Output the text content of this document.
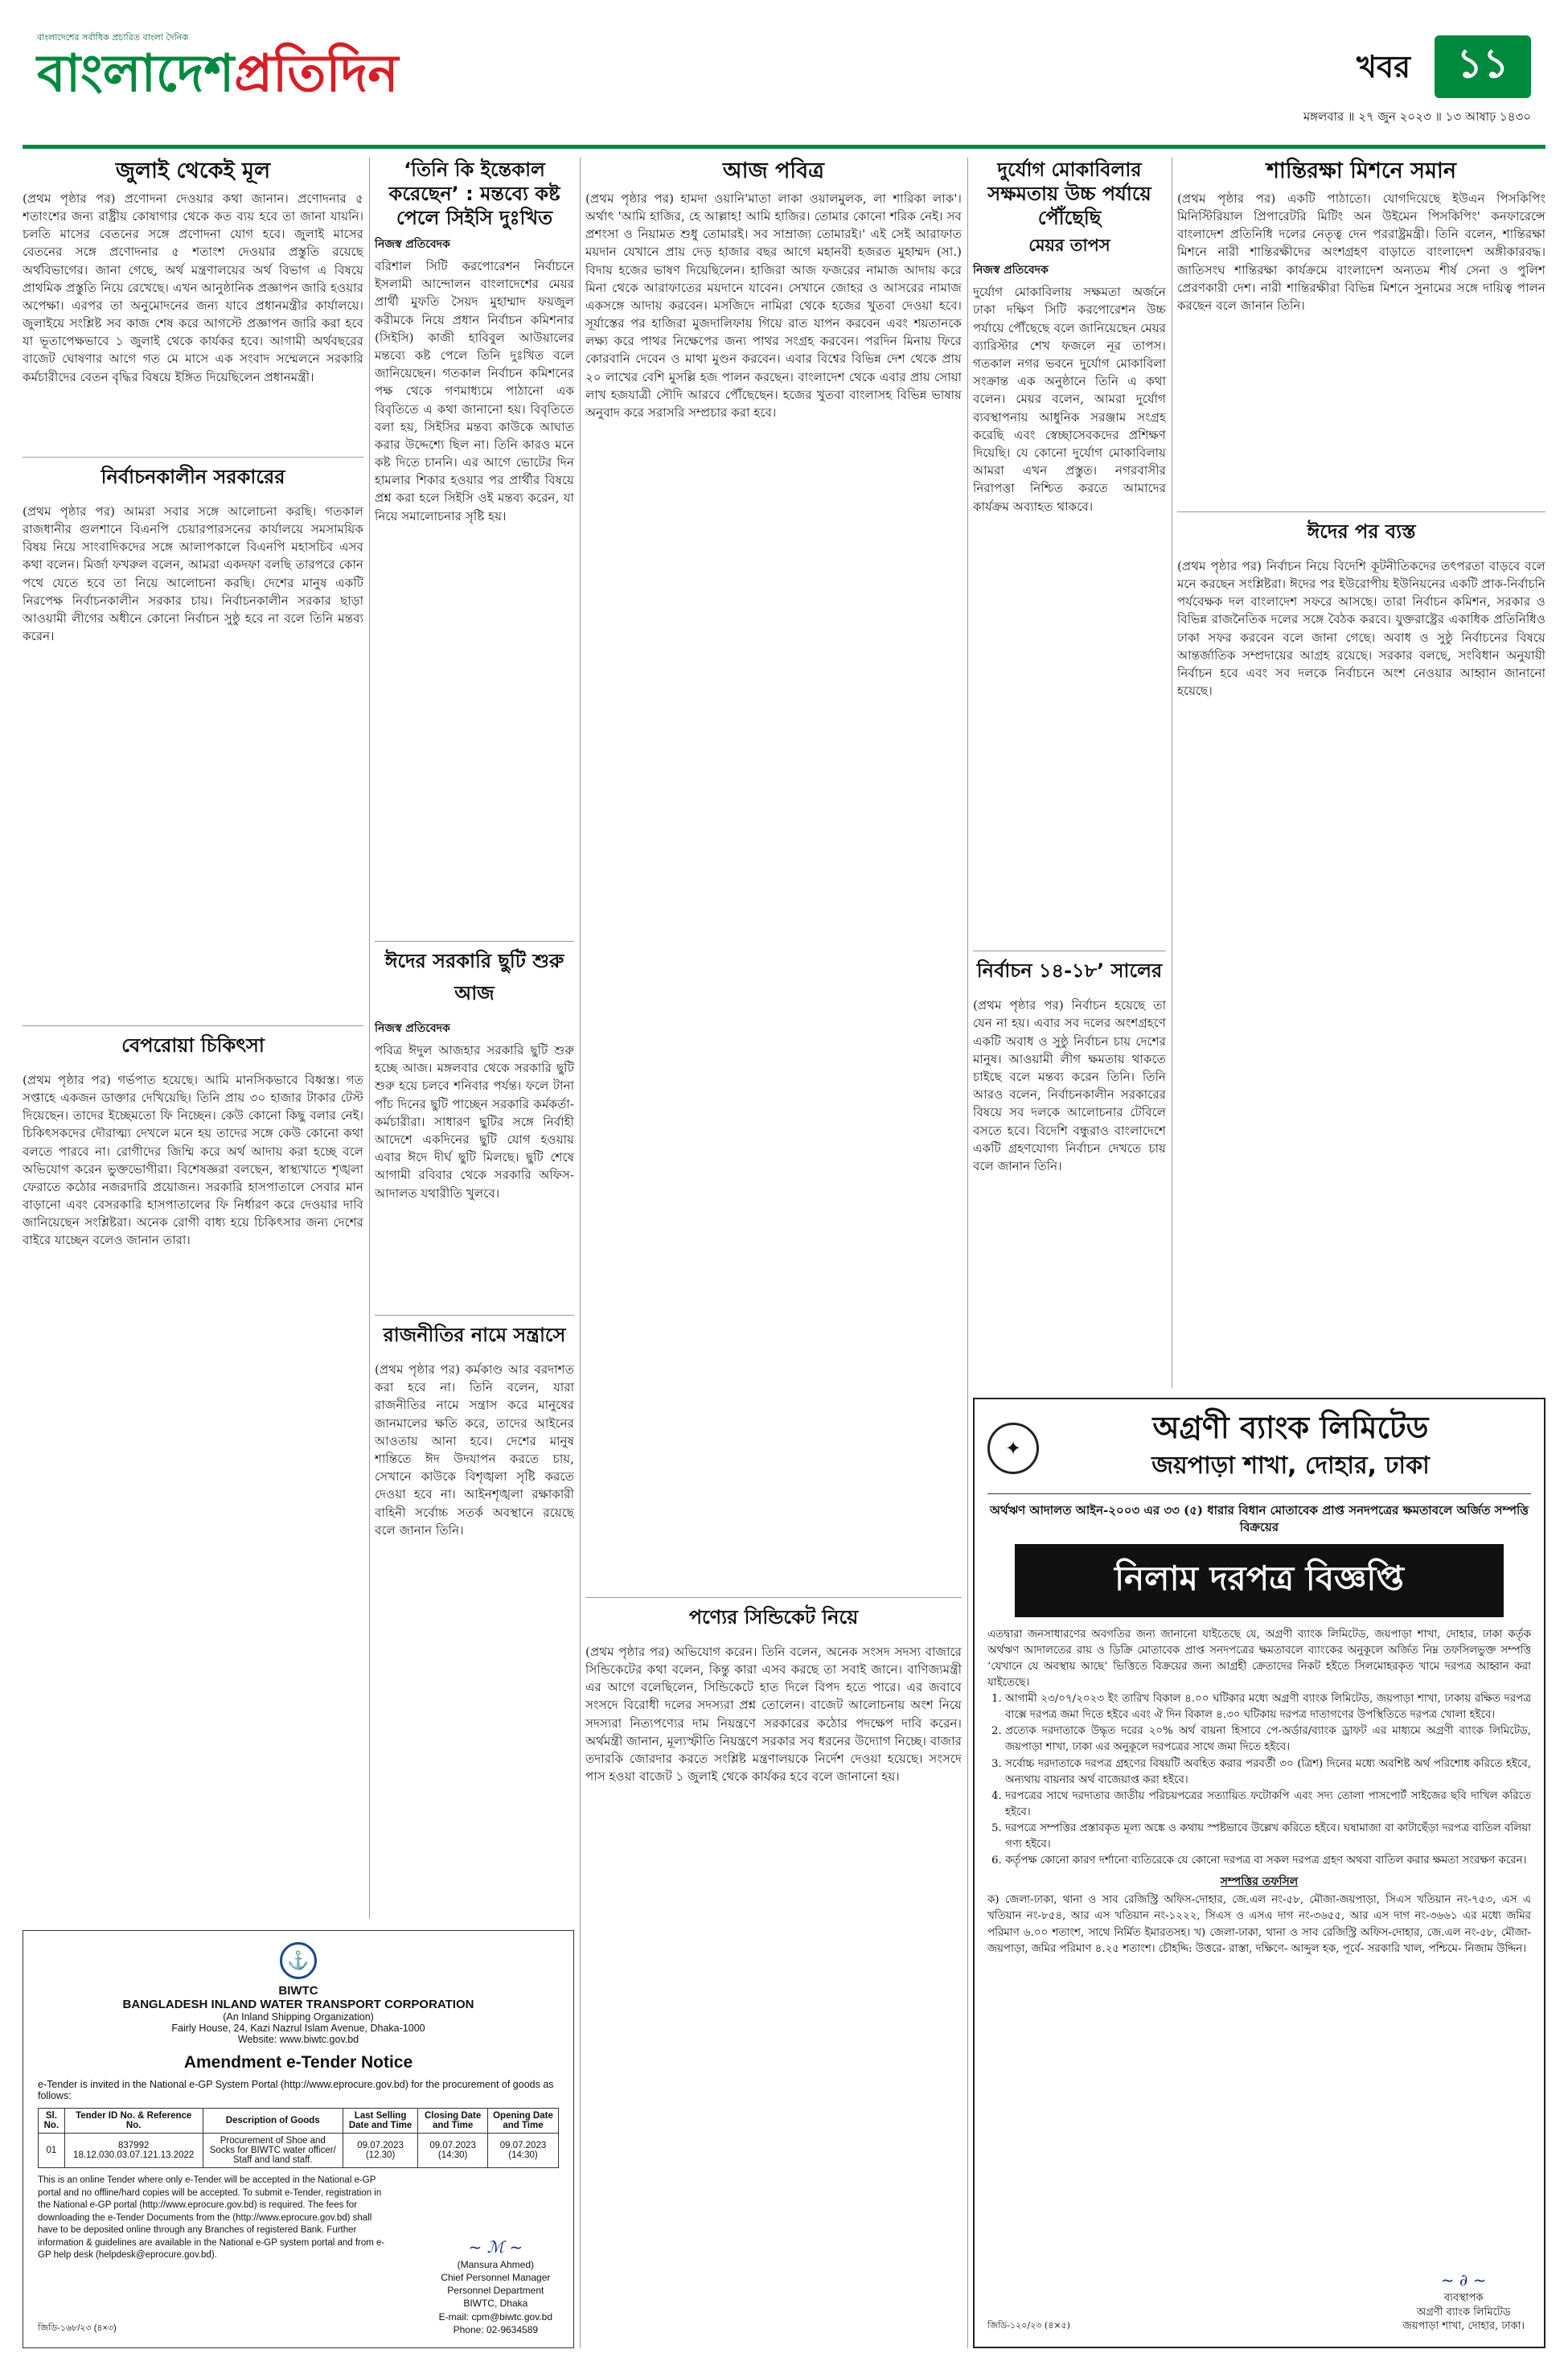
বাংলাদেশের সর্বাধিক প্রচারিত বাংলা দৈনিক
বাংলাদেশপ্রতিদিন	খবর	১১
মঙ্গলবার ॥ ২৭ জুন ২০২৩ ॥ ১৩ আষাঢ় ১৪৩০
জুলাই থেকেই মূল
(প্রথম পৃষ্ঠার পর) প্রণোদনা দেওয়ার কথা জানান। প্রণোদনার ৫ শতাংশের জন্য রাষ্ট্রীয় কোষাগার থেকে কত ব্যয় হবে তা জানা যায়নি। চলতি মাসের বেতনের সঙ্গে প্রণোদনা যোগ হবে। জুলাই মাসের বেতনের সঙ্গে প্রণোদনার ৫ শতাংশ দেওয়ার প্রস্তুতি রয়েছে অর্থবিভাগের। জানা গেছে, অর্থ মন্ত্রণালয়ের অর্থ বিভাগ এ বিষয়ে প্রাথমিক প্রস্তুতি নিয়ে রেখেছে। এখন আনুষ্ঠানিক প্রজ্ঞাপন জারি হওয়ার অপেক্ষা। এরপর তা অনুমোদনের জন্য যাবে প্রধানমন্ত্রীর কার্যালয়ে। জুলাইয়ে সংশ্লিষ্ট সব কাজ শেষ করে আগস্টে প্রজ্ঞাপন জারি করা হবে যা ভূতাপেক্ষভাবে ১ জুলাই থেকে কার্যকর হবে। আগামী অর্থবছরের বাজেট ঘোষণার আগে গত মে মাসে এক সংবাদ সম্মেলনে সরকারি কর্মচারীদের বেতন বৃদ্ধির বিষয়ে ইঙ্গিত দিয়েছিলেন প্রধানমন্ত্রী।
নির্বাচনকালীন সরকারের
(প্রথম পৃষ্ঠার পর) আমরা সবার সঙ্গে আলোচনা করছি। গতকাল রাজধানীর গুলশানে বিএনপি চেয়ারপারসনের কার্যালয়ে সমসাময়িক বিষয় নিয়ে সাংবাদিকদের সঙ্গে আলাপকালে বিএনপি মহাসচিব এসব কথা বলেন। মির্জা ফখরুল বলেন, আমরা একদফা বলছি তারপরে কোন পথে যেতে হবে তা নিয়ে আলোচনা করছি। দেশের মানুষ একটি নিরপেক্ষ নির্বাচনকালীন সরকার চায়। নির্বাচনকালীন সরকার ছাড়া আওয়ামী লীগের অধীনে কোনো নির্বাচন সুষ্ঠু হবে না বলে তিনি মন্তব্য করেন।
বেপরোয়া চিকিৎসা
(প্রথম পৃষ্ঠার পর) গর্ভপাত হয়েছে। আমি মানসিকভাবে বিধ্বস্ত। গত সপ্তাহে একজন ডাক্তার দেখিয়েছি। তিনি প্রায় ৩০ হাজার টাকার টেস্ট দিয়েছেন। তাদের ইচ্ছেমতো ফি নিচ্ছেন। কেউ কোনো কিছু বলার নেই। চিকিৎসকদের দৌরাত্ম্য দেখলে মনে হয় তাদের সঙ্গে কেউ কোনো কথা বলতে পারবে না। রোগীদের জিম্মি করে অর্থ আদায় করা হচ্ছে বলে অভিযোগ করেন ভুক্তভোগীরা। বিশেষজ্ঞরা বলছেন, স্বাস্থ্যখাতে শৃঙ্খলা ফেরাতে কঠোর নজরদারি প্রয়োজন। সরকারি হাসপাতালে সেবার মান বাড়ানো এবং বেসরকারি হাসপাতালের ফি নির্ধারণ করে দেওয়ার দাবি জানিয়েছেন সংশ্লিষ্টরা। অনেক রোগী বাধ্য হয়ে চিকিৎসার জন্য দেশের বাইরে যাচ্ছেন বলেও জানান তারা।
‘তিনি কি ইন্তেকাল করেছেন’ : মন্তব্যে কষ্ট পেলে সিইসি দুঃখিত
নিজস্ব প্রতিবেদক
বরিশাল সিটি করপোরেশন নির্বাচনে ইসলামী আন্দোলন বাংলাদেশের মেয়র প্রার্থী মুফতি সৈয়দ মুহাম্মাদ ফয়জুল করীমকে নিয়ে প্রধান নির্বাচন কমিশনার (সিইসি) কাজী হাবিবুল আউয়ালের মন্তব্যে কষ্ট পেলে তিনি দুঃখিত বলে জানিয়েছেন। গতকাল নির্বাচন কমিশনের পক্ষ থেকে গণমাধ্যমে পাঠানো এক বিবৃতিতে এ কথা জানানো হয়। বিবৃতিতে বলা হয়, সিইসির মন্তব্য কাউকে আঘাত করার উদ্দেশ্যে ছিল না। তিনি কারও মনে কষ্ট দিতে চাননি। এর আগে ভোটের দিন হামলার শিকার হওয়ার পর প্রার্থীর বিষয়ে প্রশ্ন করা হলে সিইসি ওই মন্তব্য করেন, যা নিয়ে সমালোচনার সৃষ্টি হয়।
ঈদের সরকারি ছুটি শুরু আজ
নিজস্ব প্রতিবেদক
পবিত্র ঈদুল আজহার সরকারি ছুটি শুরু হচ্ছে আজ। মঙ্গলবার থেকে সরকারি ছুটি শুরু হয়ে চলবে শনিবার পর্যন্ত। ফলে টানা পাঁচ দিনের ছুটি পাচ্ছেন সরকারি কর্মকর্তা-কর্মচারীরা। সাধারণ ছুটির সঙ্গে নির্বাহী আদেশে একদিনের ছুটি যোগ হওয়ায় এবার ঈদে দীর্ঘ ছুটি মিলছে। ছুটি শেষে আগামী রবিবার থেকে সরকারি অফিস-আদালত যথারীতি খুলবে।
রাজনীতির নামে সন্ত্রাসে
(প্রথম পৃষ্ঠার পর) কর্মকাণ্ড আর বরদাশত করা হবে না। তিনি বলেন, যারা রাজনীতির নামে সন্ত্রাস করে মানুষের জানমালের ক্ষতি করে, তাদের আইনের আওতায় আনা হবে। দেশের মানুষ শান্তিতে ঈদ উদযাপন করতে চায়, সেখানে কাউকে বিশৃঙ্খলা সৃষ্টি করতে দেওয়া হবে না। আইনশৃঙ্খলা রক্ষাকারী বাহিনী সর্বোচ্চ সতর্ক অবস্থানে রয়েছে বলে জানান তিনি।
আজ পবিত্র
(প্রথম পৃষ্ঠার পর) হামদা ওয়ানি'মাতা লাকা ওয়ালমুলক, লা শারিকা লাক'। অর্থাৎ 'আমি হাজির, হে আল্লাহ! আমি হাজির। তোমার কোনো শরিক নেই। সব প্রশংসা ও নিয়ামত শুধু তোমারই। সব সাম্রাজ্য তোমারই।' এই সেই আরাফাত ময়দান যেখানে প্রায় দেড় হাজার বছর আগে মহানবী হজরত মুহাম্মদ (সা.) বিদায় হজের ভাষণ দিয়েছিলেন। হাজিরা আজ ফজরের নামাজ আদায় করে মিনা থেকে আরাফাতের ময়দানে যাবেন। সেখানে জোহর ও আসরের নামাজ একসঙ্গে আদায় করবেন। মসজিদে নামিরা থেকে হজের খুতবা দেওয়া হবে। সূর্যাস্তের পর হাজিরা মুজদালিফায় গিয়ে রাত যাপন করবেন এবং শয়তানকে লক্ষ্য করে পাথর নিক্ষেপের জন্য পাথর সংগ্রহ করবেন। পরদিন মিনায় ফিরে কোরবানি দেবেন ও মাথা মুণ্ডন করবেন। এবার বিশ্বের বিভিন্ন দেশ থেকে প্রায় ২০ লাখের বেশি মুসল্লি হজ পালন করছেন। বাংলাদেশ থেকে এবার প্রায় সোয়া লাখ হজযাত্রী সৌদি আরবে পৌঁছেছেন। হজের খুতবা বাংলাসহ বিভিন্ন ভাষায় অনুবাদ করে সরাসরি সম্প্রচার করা হবে।
পণ্যের সিন্ডিকেট নিয়ে
(প্রথম পৃষ্ঠার পর) অভিযোগ করেন। তিনি বলেন, অনেক সংসদ সদস্য বাজারে সিন্ডিকেটের কথা বলেন, কিন্তু কারা এসব করছে তা সবাই জানে। বাণিজ্যমন্ত্রী এর আগে বলেছিলেন, সিন্ডিকেটে হাত দিলে বিপদ হতে পারে। এর জবাবে সংসদে বিরোধী দলের সদস্যরা প্রশ্ন তোলেন। বাজেট আলোচনায় অংশ নিয়ে সদস্যরা নিত্যপণ্যের দাম নিয়ন্ত্রণে সরকারের কঠোর পদক্ষেপ দাবি করেন। অর্থমন্ত্রী জানান, মূল্যস্ফীতি নিয়ন্ত্রণে সরকার সব ধরনের উদ্যোগ নিচ্ছে। বাজার তদারকি জোরদার করতে সংশ্লিষ্ট মন্ত্রণালয়কে নির্দেশ দেওয়া হয়েছে। সংসদে পাস হওয়া বাজেট ১ জুলাই থেকে কার্যকর হবে বলে জানানো হয়।
দুর্যোগ মোকাবিলার সক্ষমতায় উচ্চ পর্যায়ে পৌঁছেছি
মেয়র তাপস
নিজস্ব প্রতিবেদক
দুর্যোগ মোকাবিলায় সক্ষমতা অর্জনে ঢাকা দক্ষিণ সিটি করপোরেশন উচ্চ পর্যায়ে পৌঁছেছে বলে জানিয়েছেন মেয়র ব্যারিস্টার শেখ ফজলে নূর তাপস। গতকাল নগর ভবনে দুর্যোগ মোকাবিলা সংক্রান্ত এক অনুষ্ঠানে তিনি এ কথা বলেন। মেয়র বলেন, আমরা দুর্যোগ ব্যবস্থাপনায় আধুনিক সরঞ্জাম সংগ্রহ করেছি এবং স্বেচ্ছাসেবকদের প্রশিক্ষণ দিয়েছি। যে কোনো দুর্যোগ মোকাবিলায় আমরা এখন প্রস্তুত। নগরবাসীর নিরাপত্তা নিশ্চিত করতে আমাদের কার্যক্রম অব্যাহত থাকবে।
নির্বাচন ১৪-১৮’ সালের
(প্রথম পৃষ্ঠার পর) নির্বাচন হয়েছে তা যেন না হয়। এবার সব দলের অংশগ্রহণে একটি অবাধ ও সুষ্ঠু নির্বাচন চায় দেশের মানুষ। আওয়ামী লীগ ক্ষমতায় থাকতে চাইছে বলে মন্তব্য করেন তিনি। তিনি আরও বলেন, নির্বাচনকালীন সরকারের বিষয়ে সব দলকে আলোচনার টেবিলে বসতে হবে। বিদেশি বন্ধুরাও বাংলাদেশে একটি গ্রহণযোগ্য নির্বাচন দেখতে চায় বলে জানান তিনি।
শান্তিরক্ষা মিশনে সমান
(প্রথম পৃষ্ঠার পর) একটি পাঠাতো। যোগদিয়েছে ইউএন পিসকিপিং মিনিস্টিরিয়াল প্রিপারেটরি মিটিং অন উইমেন পিসকিপিং' কনফারেন্সে বাংলাদেশ প্রতিনিধি দলের নেতৃত্ব দেন পররাষ্ট্রমন্ত্রী। তিনি বলেন, শান্তিরক্ষা মিশনে নারী শান্তিরক্ষীদের অংশগ্রহণ বাড়াতে বাংলাদেশ অঙ্গীকারবদ্ধ। জাতিসংঘ শান্তিরক্ষা কার্যক্রমে বাংলাদেশ অন্যতম শীর্ষ সেনা ও পুলিশ প্রেরণকারী দেশ। নারী শান্তিরক্ষীরা বিভিন্ন মিশনে সুনামের সঙ্গে দায়িত্ব পালন করছেন বলে জানান তিনি।
ঈদের পর ব্যস্ত
(প্রথম পৃষ্ঠার পর) নির্বাচন নিয়ে বিদেশি কূটনীতিকদের তৎপরতা বাড়বে বলে মনে করছেন সংশ্লিষ্টরা। ঈদের পর ইউরোপীয় ইউনিয়নের একটি প্রাক-নির্বাচনি পর্যবেক্ষক দল বাংলাদেশ সফরে আসছে। তারা নির্বাচন কমিশন, সরকার ও বিভিন্ন রাজনৈতিক দলের সঙ্গে বৈঠক করবে। যুক্তরাষ্ট্রের একাধিক প্রতিনিধিও ঢাকা সফর করবেন বলে জানা গেছে। অবাধ ও সুষ্ঠু নির্বাচনের বিষয়ে আন্তর্জাতিক সম্প্রদায়ের আগ্রহ রয়েছে। সরকার বলছে, সংবিধান অনুযায়ী নির্বাচন হবে এবং সব দলকে নির্বাচনে অংশ নেওয়ার আহ্বান জানানো হয়েছে।
⚓
BIWTC
BANGLADESH INLAND WATER TRANSPORT CORPORATION
(An Inland Shipping Organization)
Fairly House, 24, Kazi Nazrul Islam Avenue, Dhaka-1000
Website: www.biwtc.gov.bd
Amendment e-Tender Notice
e-Tender is invited in the National e-GP System Portal (http://www.eprocure.gov.bd) for the procurement of goods as follows:
Sl. No.	Tender ID No. & Reference No.	Description of Goods	Last Selling Date and Time	Closing Date and Time	Opening Date and Time
01	837992 18.12.030.03.07.121.13.2022	Procurement of Shoe and Socks for BIWTC water officer/ Staff and land staff.	09.07.2023 (12.30)	09.07.2023 (14:30)	09.07.2023 (14:30)
This is an online Tender where only e-Tender will be accepted in the National e-GP portal and no offline/hard copies will be accepted. To submit e-Tender, registration in the National e-GP portal (http://www.eprocure.gov.bd) is required. The fees for downloading the e-Tender Documents from the (http://www.eprocure.gov.bd) shall have to be deposited online through any Branches of registered Bank. Further information & guidelines are available in the National e-GP system portal and from e-GP help desk (helpdesk@eprocure.gov.bd).	~ ℳ ~
(Mansura Ahmed)
Chief Personnel Manager
Personnel Department
BIWTC, Dhaka
E-mail: cpm@biwtc.gov.bd
Phone: 02-9634589
জিডি-১৬৮/২৩ (৪×৩)
✦
অগ্রণী ব্যাংক লিমিটেড
জয়পাড়া শাখা, দোহার, ঢাকা
অর্থঋণ আদালত আইন-২০০৩ এর ৩৩ (৫) ধারার বিধান মোতাবেক প্রাপ্ত সনদপত্রের ক্ষমতাবলে অর্জিত সম্পত্তি বিক্রয়ের
নিলাম দরপত্র বিজ্ঞপ্তি

এতদ্বারা জনসাধারণের অবগতির জন্য জানানো যাইতেছে যে, অগ্রণী ব্যাংক লিমিটেড, জয়পাড়া শাখা, দোহার, ঢাকা কর্তৃক অর্থঋণ আদালতের রায় ও ডিক্রি মোতাবেক প্রাপ্ত সনদপত্রের ক্ষমতাবলে ব্যাংকের অনুকূলে অর্জিত নিম্ন তফসিলভুক্ত সম্পত্তি ‘যেখানে যে অবস্থায় আছে’ ভিত্তিতে বিক্রয়ের জন্য আগ্রহী ক্রেতাদের নিকট হইতে সিলমোহরকৃত খামে দরপত্র আহ্বান করা যাইতেছে।

1. আগামী ২৩/০৭/২০২৩ ইং তারিখ বিকাল ৪.০০ ঘটিকার মধ্যে অগ্রণী ব্যাংক লিমিটেড, জয়পাড়া শাখা, ঢাকায় রক্ষিত দরপত্র বাক্সে দরপত্র জমা দিতে হইবে এবং ঐ দিন বিকাল ৪.৩০ ঘটিকায় দরপত্র দাতাগণের উপস্থিতিতে দরপত্র খোলা হইবে।
2. প্রত্যেক দরদাতাকে উদ্ধৃত দরের ২০% অর্থ বায়না হিসাবে পে-অর্ডার/ব্যাংক ড্রাফট এর মাধ্যমে অগ্রণী ব্যাংক লিমিটেড, জয়পাড়া শাখা, ঢাকা এর অনুকূলে দরপত্রের সাথে জমা দিতে হইবে।
3. সর্বোচ্চ দরদাতাকে দরপত্র গ্রহণের বিষয়টি অবহিত করার পরবর্তী ৩০ (ত্রিশ) দিনের মধ্যে অবশিষ্ট অর্থ পরিশোধ করিতে হইবে, অন্যথায় বায়নার অর্থ বাজেয়াপ্ত করা হইবে।
4. দরপত্রের সাথে দরদাতার জাতীয় পরিচয়পত্রের সত্যায়িত ফটোকপি এবং সদ্য তোলা পাসপোর্ট সাইজের ছবি দাখিল করিতে হইবে।
5. দরপত্রে সম্পত্তির প্রস্তাবকৃত মূল্য অঙ্কে ও কথায় স্পষ্টভাবে উল্লেখ করিতে হইবে। ঘষামাজা বা কাটাছেঁড়া দরপত্র বাতিল বলিয়া গণ্য হইবে।
6. কর্তৃপক্ষ কোনো কারণ দর্শানো ব্যতিরেকে যে কোনো দরপত্র বা সকল দরপত্র গ্রহণ অথবা বাতিল করার ক্ষমতা সংরক্ষণ করেন।
সম্পত্তির তফসিল

ক) জেলা-ঢাকা, থানা ও সাব রেজিস্ট্রি অফিস-দোহার, জে.এল নং-৫৮, মৌজা-জয়পাড়া, সিএস খতিয়ান নং-৭৫৩, এস এ খতিয়ান নং-৮৫৪, আর এস খতিয়ান নং-১২২২, সিএস ও এসএ দাগ নং-৩৬৫৫, আর এস দাগ নং-৩৬৬১ এর মধ্যে জমির পরিমাণ ৬.০০ শতাংশ, সাথে নির্মিত ইমারতসহ। খ) জেলা-ঢাকা, থানা ও সাব রেজিস্ট্রি অফিস-দোহার, জে.এল নং-৫৮, মৌজা-জয়পাড়া, জমির পরিমাণ ৪.২৫ শতাংশ। চৌহদ্দি: উত্তরে- রাস্তা, দক্ষিণে- আব্দুল হক, পূর্বে- সরকারি খাল, পশ্চিমে- নিজাম উদ্দিন।

~ ∂ ~
ব্যবস্থাপক
অগ্রণী ব্যাংক লিমিটেড
জয়পাড়া শাখা, দোহার, ঢাকা।
জিডি-১২০/২৩ (৪×৫)
